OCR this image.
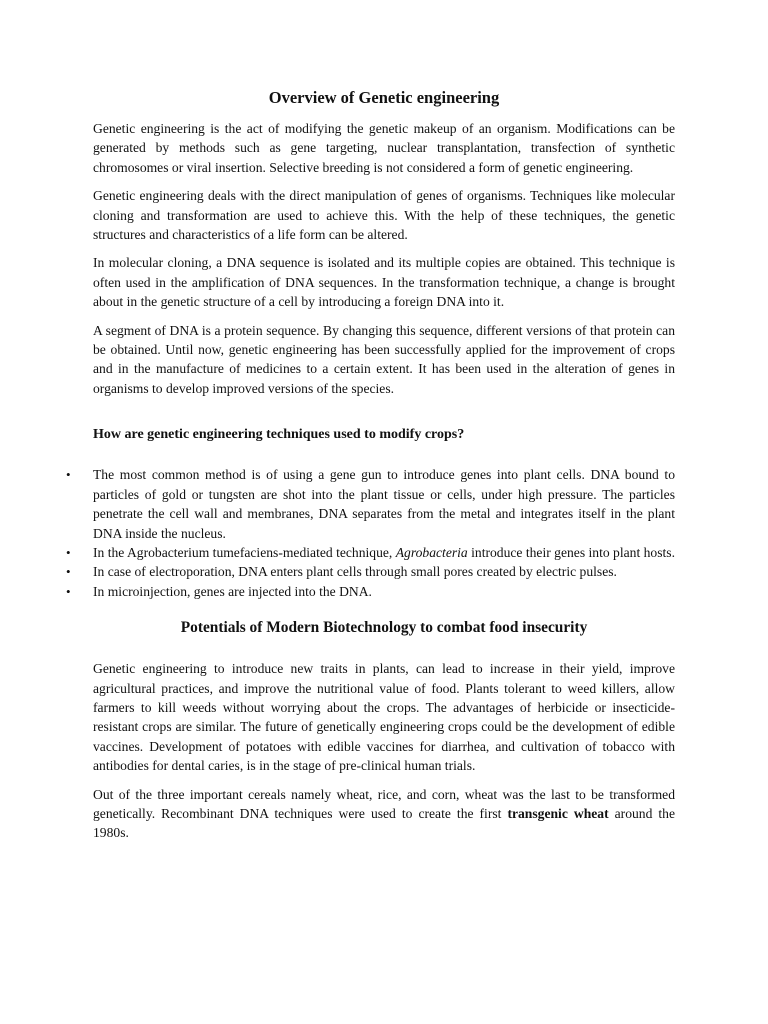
Overview of Genetic engineering

Genetic engineering is the act of modifying the genetic makeup of an organism. Modifications can be generated by methods such as gene targeting, nuclear transplantation, transfection of synthetic chromosomes or viral insertion. Selective breeding is not considered a form of genetic engineering.

Genetic engineering deals with the direct manipulation of genes of organisms. Techniques like molecular cloning and transformation are used to achieve this. With the help of these techniques, the genetic structures and characteristics of a life form can be altered.

In molecular cloning, a DNA sequence is isolated and its multiple copies are obtained. This technique is often used in the amplification of DNA sequences. In the transformation technique, a change is brought about in the genetic structure of a cell by introducing a foreign DNA into it.

A segment of DNA is a protein sequence. By changing this sequence, different versions of that protein can be obtained. Until now, genetic engineering has been successfully applied for the improvement of crops and in the manufacture of medicines to a certain extent. It has been used in the alteration of genes in organisms to develop improved versions of the species.

How are genetic engineering techniques used to modify crops?
• The most common method is of using a gene gun to introduce genes into plant cells. DNA bound to particles of gold or tungsten are shot into the plant tissue or cells, under high pressure. The particles penetrate the cell wall and membranes, DNA separates from the metal and integrates itself in the plant DNA inside the nucleus.
• In the Agrobacterium tumefaciens-mediated technique, Agrobacteria introduce their genes into plant hosts.
• In case of electroporation, DNA enters plant cells through small pores created by electric pulses.
• In microinjection, genes are injected into the DNA.
Potentials of Modern Biotechnology to combat food insecurity

Genetic engineering to introduce new traits in plants, can lead to increase in their yield, improve agricultural practices, and improve the nutritional value of food. Plants tolerant to weed killers, allow farmers to kill weeds without worrying about the crops. The advantages of herbicide or insecticide-resistant crops are similar. The future of genetically engineering crops could be the development of edible vaccines. Development of potatoes with edible vaccines for diarrhea, and cultivation of tobacco with antibodies for dental caries, is in the stage of pre-clinical human trials.

Out of the three important cereals namely wheat, rice, and corn, wheat was the last to be transformed genetically. Recombinant DNA techniques were used to create the first transgenic wheat around the 1980s.
